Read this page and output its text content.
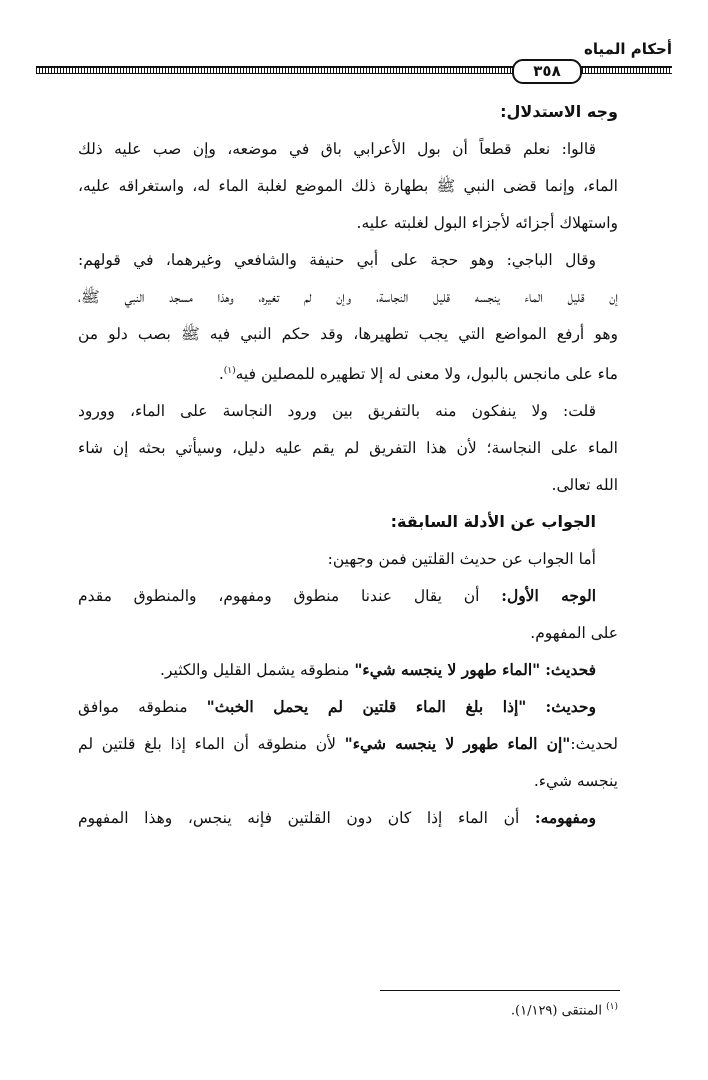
أحكام المياه
٣٥٨
وجه الاستدلال:
قالوا: نعلم قطعاً أن بول الأعرابي باق في موضعه، وإن صب عليه ذلك
الماء، وإنما قضى النبي ﷺ بطهارة ذلك الموضع لغلبة الماء له، واستغراقه عليه،
واستهلاك أجزائه لأجزاء البول لغلبته عليه.
وقال الباجي: وهو حجة على أبي حنيفة والشافعي وغيرهما، في قولهم:
إن قليل الماء ينجسه قليل النجاسة، وإن لم تغيره، وهذا مسجد النبي ﷺ،
وهو أرفع المواضع التي يجب تطهيرها، وقد حكم النبي فيه ﷺ بصب دلو من
ماء على مانجس بالبول، ولا معنى له إلا تطهيره للمصلين فيه$^{(١)}$.
قلت: ولا ينفكون منه بالتفريق بين ورود النجاسة على الماء، وورود
الماء على النجاسة؛ لأن هذا التفريق لم يقم عليه دليل، وسيأتي بحثه إن شاء
الله تعالى.
الجواب عن الأدلة السابقة:
أما الجواب عن حديث القلتين فمن وجهين:
الوجه الأول: أن يقال عندنا منطوق ومفهوم، والمنطوق مقدم
على المفهوم.
فحديث: "الماء طهور لا ينجسه شيء" منطوقه يشمل القليل والكثير.
وحديث: "إذا بلغ الماء قلتين لم يحمل الخبث" منطوقه موافق
لحديث:"إن الماء طهور لا ينجسه شيء" لأن منطوقه أن الماء إذا بلغ قلتين لم
ينجسه شيء.
ومفهومه: أن الماء إذا كان دون القلتين فإنه ينجس، وهذا المفهوم
$^{(١)}$ المنتقى (١/١٢٩).
